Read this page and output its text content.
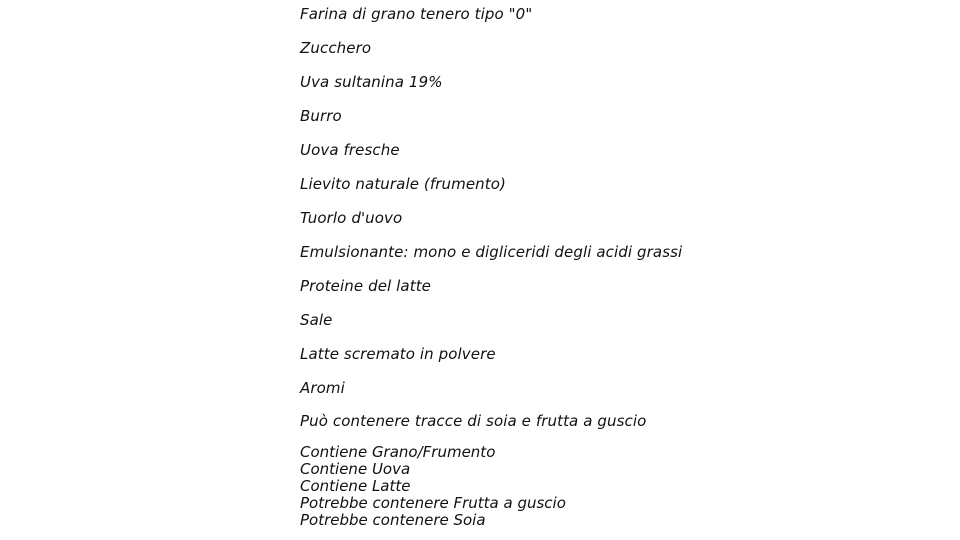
Farina di grano tenero tipo "0"
Zucchero
Uva sultanina 19%
Burro
Uova fresche
Lievito naturale (frumento)
Tuorlo d'uovo
Emulsionante: mono e digliceridi degli acidi grassi
Proteine del latte
Sale
Latte scremato in polvere
Aromi
Può contenere tracce di soia e frutta a guscio
Contiene Grano/Frumento
Contiene Uova
Contiene Latte
Potrebbe contenere Frutta a guscio
Potrebbe contenere Soia
